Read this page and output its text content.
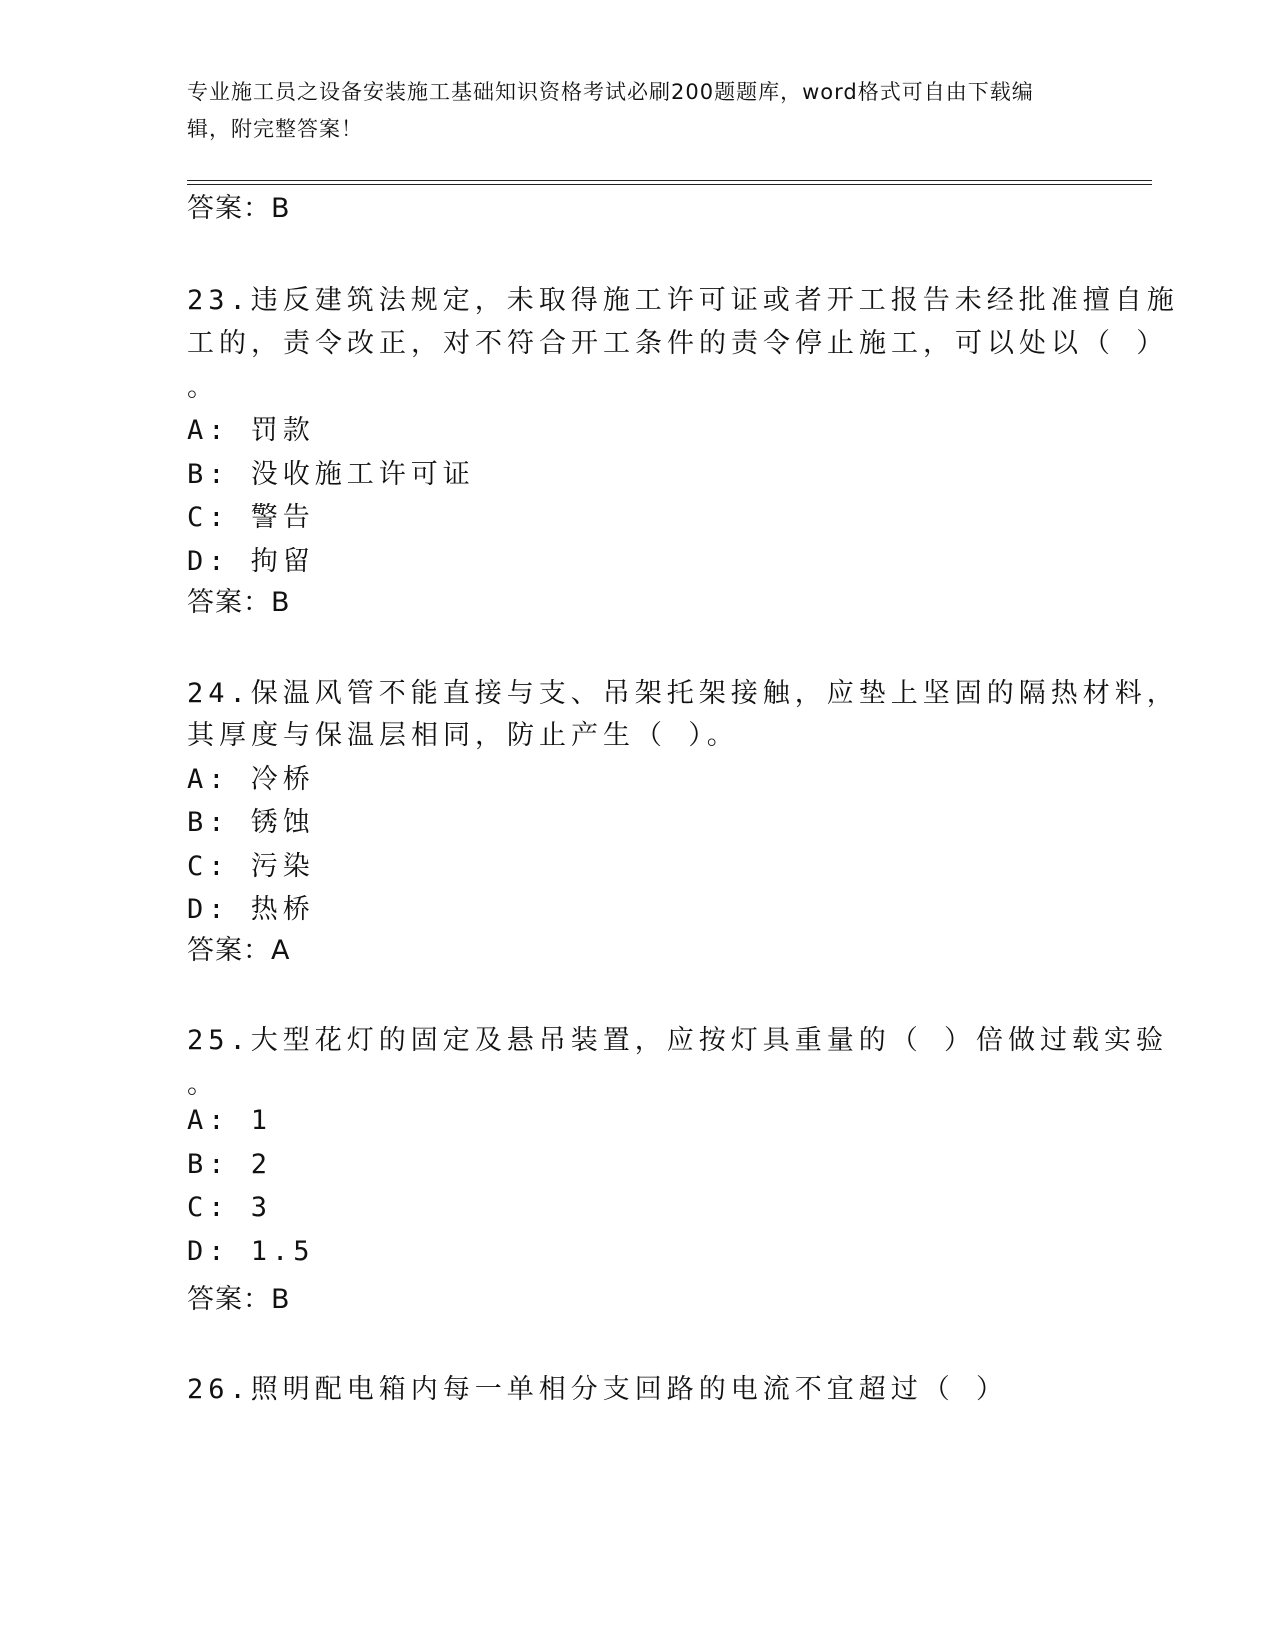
专业施工员之设备安装施工基础知识资格考试必刷200题题库，word格式可自由下载编辑，附完整答案！
答案：B
23.违反建筑法规定，未取得施工许可证或者开工报告未经批准擅自施
工的，责令改正，对不符合开工条件的责令停止施工，可以处以（ ）
。
A: 罚款
B: 没收施工许可证
C: 警告
D: 拘留
答案：B
24.保温风管不能直接与支、吊架托架接触，应垫上坚固的隔热材料，
其厚度与保温层相同，防止产生（ ）。
A: 冷桥
B: 锈蚀
C: 污染
D: 热桥
答案：A
25.大型花灯的固定及悬吊装置，应按灯具重量的（ ）倍做过载实验
。
A: 1
B: 2
C: 3
D: 1.5
答案：B
26.照明配电箱内每一单相分支回路的电流不宜超过（ ）
